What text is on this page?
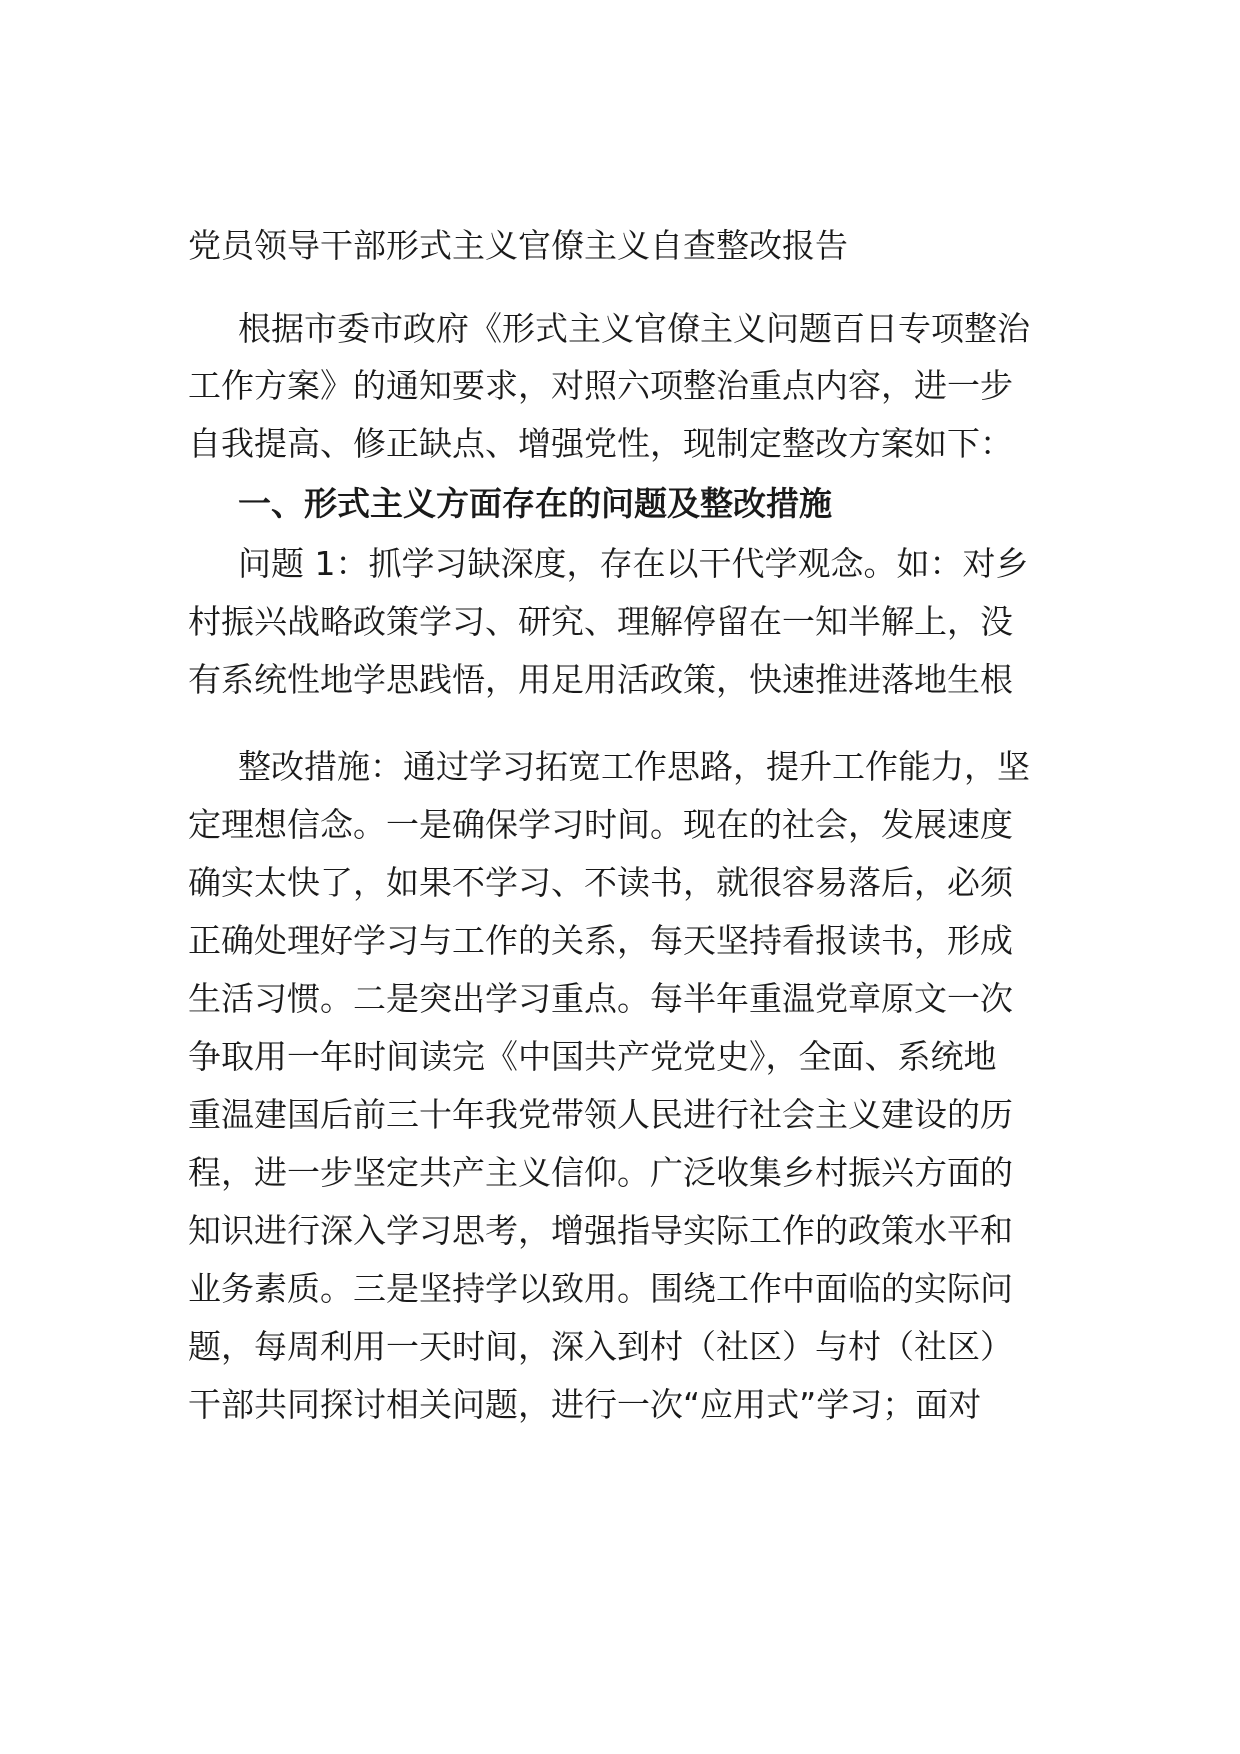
党员领导干部形式主义官僚主义自查整改报告
根据市委市政府《形式主义官僚主义问题百日专项整治
工作方案》的通知要求，对照六项整治重点内容，进一步
自我提高、修正缺点、增强党性，现制定整改方案如下：
一、形式主义方面存在的问题及整改措施
问题 1：抓学习缺深度，存在以干代学观念。如：对乡
村振兴战略政策学习、研究、理解停留在一知半解上，没
有系统性地学思践悟，用足用活政策，快速推进落地生根
整改措施：通过学习拓宽工作思路，提升工作能力，坚
定理想信念。一是确保学习时间。现在的社会，发展速度
确实太快了，如果不学习、不读书，就很容易落后，必须
正确处理好学习与工作的关系，每天坚持看报读书，形成
生活习惯。二是突出学习重点。每半年重温党章原文一次
争取用一年时间读完《中国共产党党史》，全面、系统地
重温建国后前三十年我党带领人民进行社会主义建设的历
程，进一步坚定共产主义信仰。广泛收集乡村振兴方面的
知识进行深入学习思考，增强指导实际工作的政策水平和
业务素质。三是坚持学以致用。围绕工作中面临的实际问
题，每周利用一天时间，深入到村（社区）与村（社区）
干部共同探讨相关问题，进行一次“应用式”学习；面对
